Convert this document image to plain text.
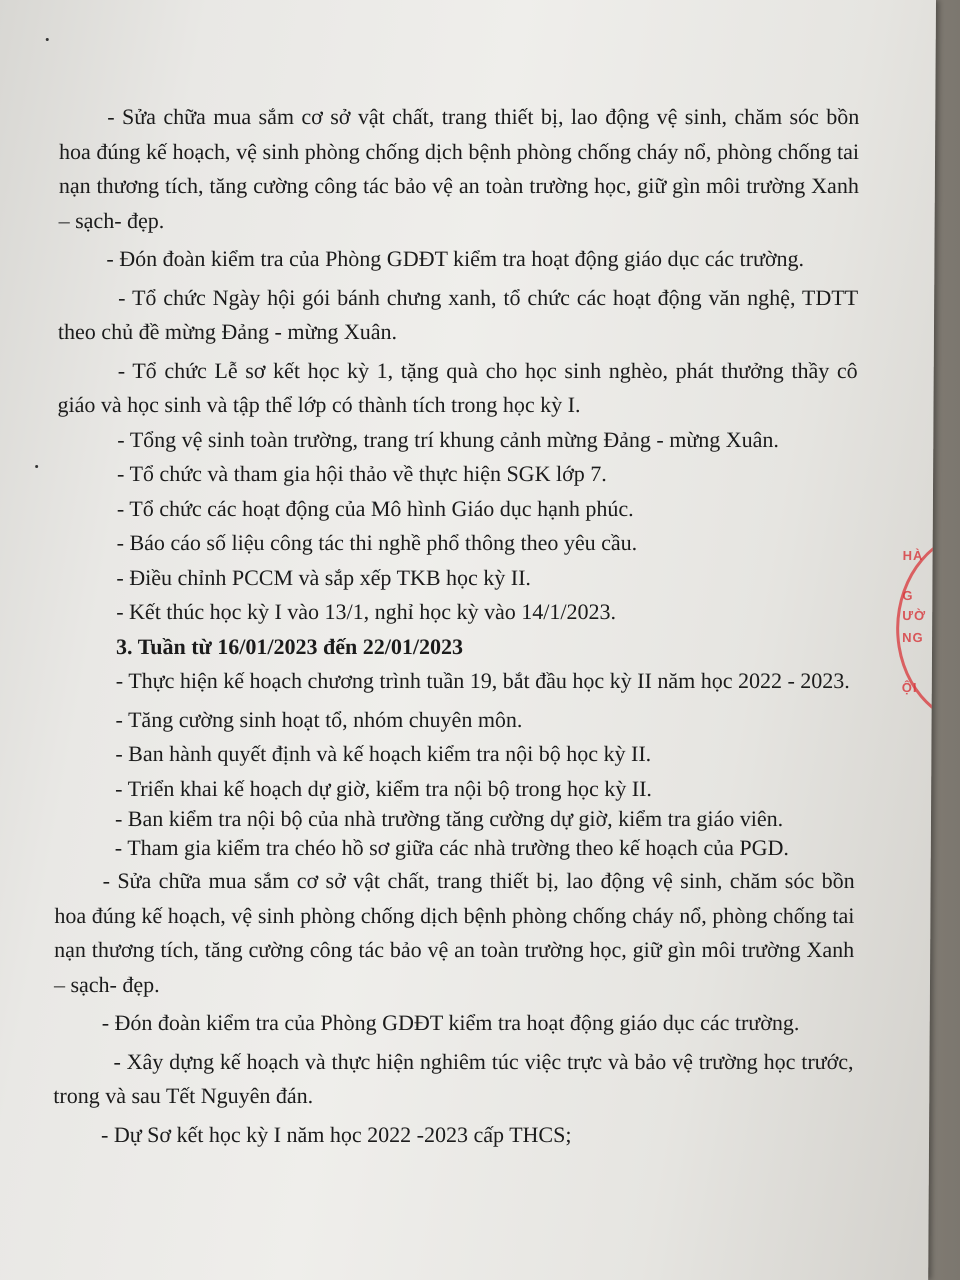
- Sửa chữa mua sắm cơ sở vật chất, trang thiết bị, lao động vệ sinh, chăm sóc bồn hoa đúng kế hoạch, vệ sinh phòng chống dịch bệnh phòng chống cháy nổ, phòng chống tai nạn thương tích, tăng cường công tác bảo vệ an toàn trường học, giữ gìn môi trường Xanh – sạch- đẹp.

- Đón đoàn kiểm tra của Phòng GDĐT kiểm tra hoạt động giáo dục các trường.

- Tổ chức Ngày hội gói bánh chưng xanh, tổ chức các hoạt động văn nghệ, TDTT theo chủ đề mừng Đảng - mừng Xuân.

- Tổ chức Lễ sơ kết học kỳ 1, tặng quà cho học sinh nghèo, phát thưởng thầy cô giáo và học sinh và tập thể lớp có thành tích trong học kỳ I.

- Tổng vệ sinh toàn trường, trang trí khung cảnh mừng Đảng - mừng Xuân.

- Tổ chức và tham gia hội thảo về thực hiện SGK lớp 7.

- Tổ chức các hoạt động của Mô hình Giáo dục hạnh phúc.

- Báo cáo số liệu công tác thi nghề phổ thông theo yêu cầu.

- Điều chỉnh PCCM và sắp xếp TKB học kỳ II.

- Kết thúc học kỳ I vào 13/1, nghỉ học kỳ vào 14/1/2023.

3. Tuần từ 16/01/2023 đến 22/01/2023

- Thực hiện kế hoạch chương trình tuần 19, bắt đầu học kỳ II năm học 2022 - 2023.

- Tăng cường sinh hoạt tổ, nhóm chuyên môn.

- Ban hành quyết định và kế hoạch kiểm tra nội bộ học kỳ II.

- Triển khai kế hoạch dự giờ, kiểm tra nội bộ trong học kỳ II.

- Ban kiểm tra nội bộ của nhà trường tăng cường dự giờ, kiểm tra giáo viên.

- Tham gia kiểm tra chéo hồ sơ giữa các nhà trường theo kế hoạch của PGD.

- Sửa chữa mua sắm cơ sở vật chất, trang thiết bị, lao động vệ sinh, chăm sóc bồn hoa đúng kế hoạch, vệ sinh phòng chống dịch bệnh phòng chống cháy nổ, phòng chống tai nạn thương tích, tăng cường công tác bảo vệ an toàn trường học, giữ gìn môi trường Xanh – sạch- đẹp.

- Đón đoàn kiểm tra của Phòng GDĐT kiểm tra hoạt động giáo dục các trường.

- Xây dựng kế hoạch và thực hiện nghiêm túc việc trực và bảo vệ trường học trước, trong và sau Tết Nguyên đán.

- Dự Sơ kết học kỳ I năm học 2022 -2023 cấp THCS;

HÀ
G
ƯỜ
NG
ỘI
